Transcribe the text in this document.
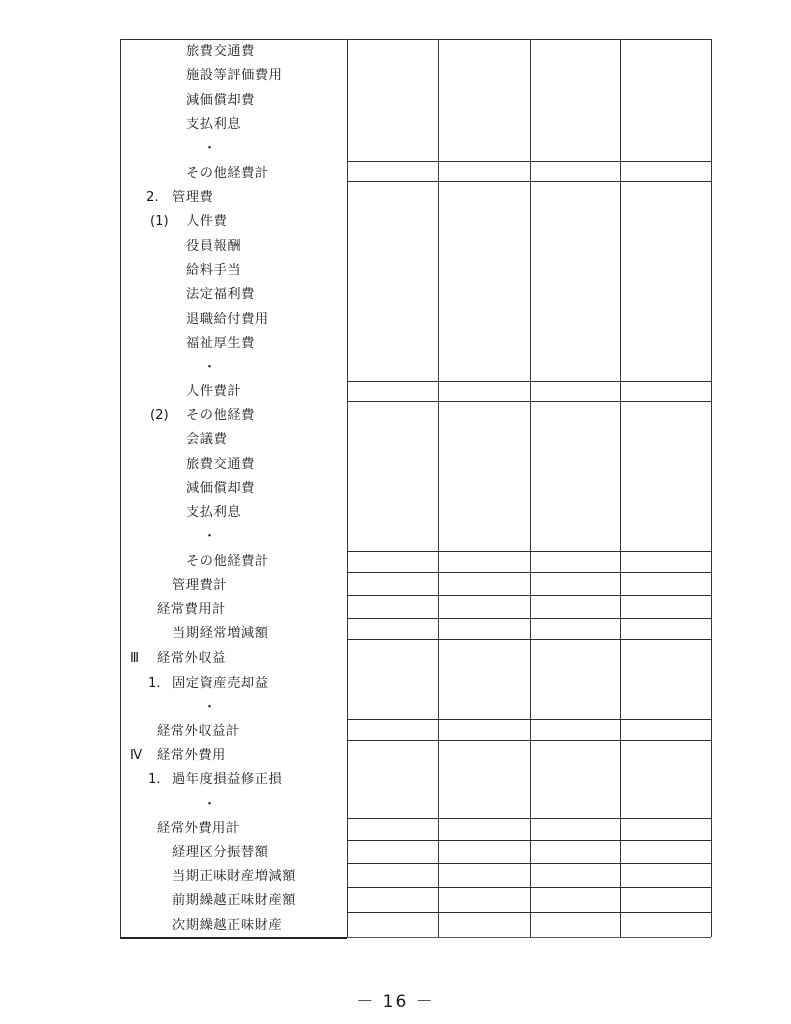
旅費交通費
施設等評価費用
減価償却費
支払利息
・
その他経費計
2. 管理費
(1) 人件費
役員報酬
給料手当
法定福利費
退職給付費用
福祉厚生費
・
人件費計
(2) その他経費
会議費
旅費交通費
減価償却費
支払利息
・
その他経費計
管理費計
経常費用計
当期経常増減額
Ⅲ 経常外収益
1. 固定資産売却益
・
経常外収益計
Ⅳ 経常外費用
1. 過年度損益修正損
・
経常外費用計
経理区分振替額
当期正味財産増減額
前期繰越正味財産額
次期繰越正味財産
－ 16 －
